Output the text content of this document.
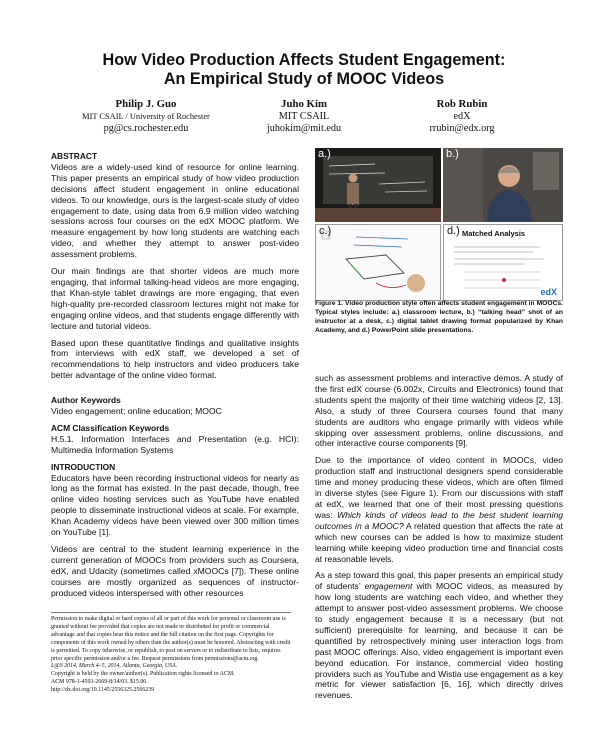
How Video Production Affects Student Engagement:
An Empirical Study of MOOC Videos
Philip J. Guo
MIT CSAIL / University of Rochester
pg@cs.rochester.edu
Juho Kim
MIT CSAIL
juhokim@mit.edu
Rob Rubin
edX
rrubin@edx.org
ABSTRACT

Videos are a widely-used kind of resource for online learning. This paper presents an empirical study of how video production decisions affect student engagement in online educational videos. To our knowledge, ours is the largest-scale study of video engagement to date, using data from 6.9 million video watching sessions across four courses on the edX MOOC platform. We measure engagement by how long students are watching each video, and whether they attempt to answer post-video assessment problems.

Our main findings are that shorter videos are much more engaging, that informal talking-head videos are more engaging, that Khan-style tablet drawings are more engaging, that even high-quality pre-recorded classroom lectures might not make for engaging online videos, and that students engage differently with lecture and tutorial videos.

Based upon these quantitative findings and qualitative insights from interviews with edX staff, we developed a set of recommendations to help instructors and video producers take better advantage of the online video format.

Author Keywords

Video engagement; online education; MOOC

ACM Classification Keywords

H.5.1. Information Interfaces and Presentation (e.g. HCI): Multimedia Information Systems

INTRODUCTION

Educators have been recording instructional videos for nearly as long as the format has existed. In the past decade, though, free online video hosting services such as YouTube have enabled people to disseminate instructional videos at scale. For example, Khan Academy videos have been viewed over 300 million times on YouTube [1].

Videos are central to the student learning experience in the current generation of MOOCs from providers such as Coursera, edX, and Udacity (sometimes called xMOOCs [7]). These online courses are mostly organized as sequences of instructor-produced videos interspersed with other resources

a.)	b.)
c.)	d.) Matched Analysis
edX
Figure 1. Video production style often affects student engagement in MOOCs. Typical styles include: a.) classroom lecture, b.) “talking head” shot of an instructor at a desk, c.) digital tablet drawing format popularized by Khan Academy, and d.) PowerPoint slide presentations.

such as assessment problems and interactive demos. A study of the first edX course (6.002x, Circuits and Electronics) found that students spent the majority of their time watching videos [2, 13]. Also, a study of three Coursera courses found that many students are auditors who engage primarily with videos while skipping over assessment problems, online discussions, and other interactive course components [9].

Due to the importance of video content in MOOCs, video production staff and instructional designers spend considerable time and money producing these videos, which are often filmed in diverse styles (see Figure 1). From our discussions with staff at edX, we learned that one of their most pressing questions was: Which kinds of videos lead to the best student learning outcomes in a MOOC? A related question that affects the rate at which new courses can be added is how to maximize student learning while keeping video production time and financial costs at reasonable levels.

As a step toward this goal, this paper presents an empirical study of students’ engagement with MOOC videos, as measured by how long students are watching each video, and whether they attempt to answer post-video assessment problems. We choose to study engagement because it is a necessary (but not sufficient) prerequisite for learning, and because it can be quantified by retrospectively mining user interaction logs from past MOOC offerings. Also, video engagement is important even beyond education. For instance, commercial video hosting providers such as YouTube and Wistia use engagement as a key metric for viewer satisfaction [6, 16], which directly drives revenues.

Permission to make digital or hard copies of all or part of this work for personal or classroom use is granted without fee provided that copies are not made or distributed for profit or commercial advantage and that copies bear this notice and the full citation on the first page. Copyrights for components of this work owned by others than the author(s) must be honored. Abstracting with credit is permitted. To copy otherwise, or republish, to post on servers or to redistribute to lists, requires prior specific permission and/or a fee. Request permissions from permissions@acm.org.
L@S 2014, March 4–5, 2014, Atlanta, Georgia, USA.
Copyright is held by the owner/author(s). Publication rights licensed to ACM.
ACM 978-1-4503-2669-8/14/03..$15.00.
http://dx.doi.org/10.1145/2556325.2566239
